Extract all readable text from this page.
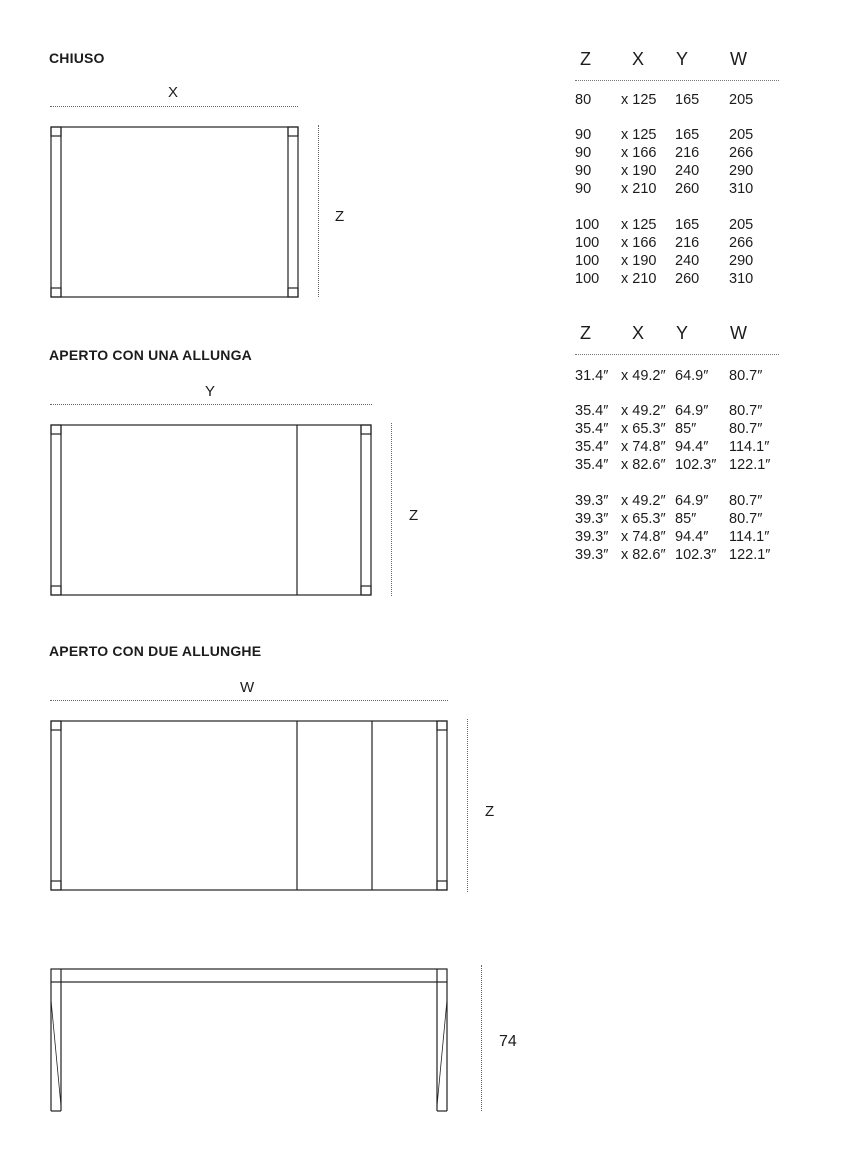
CHIUSO
X
Z
APERTO CON UNA ALLUNGA
Y
Z
APERTO CON DUE ALLUNGHE
W
Z
74
Z X Y W
80 x 125 165 205
90 x 125 165 205
90 x 166 216 266
90 x 190 240 290
90 x 210 260 310
100 x 125 165 205
100 x 166 216 266
100 x 190 240 290
100 x 210 260 310
Z X Y W
31.4″ x 49.2″ 64.9″ 80.7″
35.4″ x 49.2″ 64.9″ 80.7″
35.4″ x 65.3″ 85″ 80.7″
35.4″ x 74.8″ 94.4″ 114.1″
35.4″ x 82.6″ 102.3″ 122.1″
39.3″ x 49.2″ 64.9″ 80.7″
39.3″ x 65.3″ 85″ 80.7″
39.3″ x 74.8″ 94.4″ 114.1″
39.3″ x 82.6″ 102.3″ 122.1″
